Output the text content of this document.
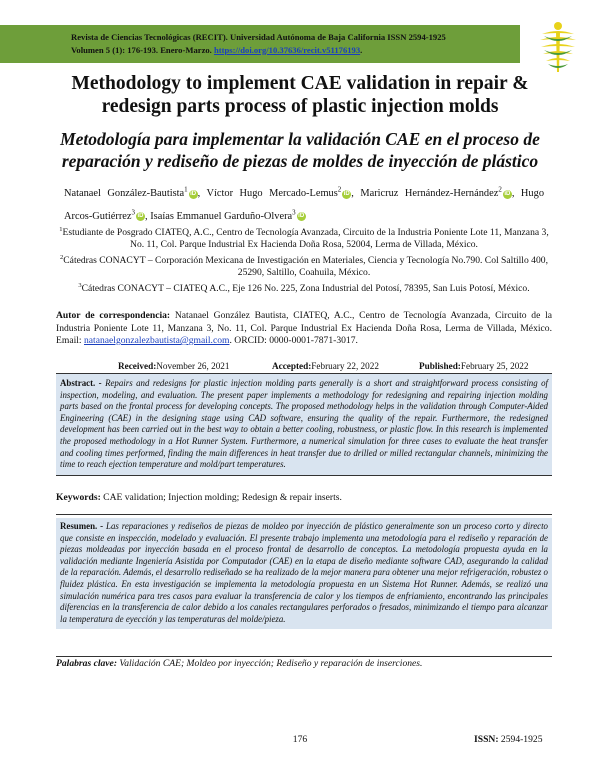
Revista de Ciencias Tecnológicas (RECIT). Universidad Autónoma de Baja California ISSN 2594-1925
Volumen 5 (1): 176-193. Enero-Marzo. https://doi.org/10.37636/recit.v51176193.
Methodology to implement CAE validation in repair & redesign parts process of plastic injection molds
Metodología para implementar la validación CAE en el proceso de reparación y rediseño de piezas de moldes de inyección de plástico
Natanael González-Bautista$^1$ iD , Víctor Hugo Mercado-Lemus$^2$ iD , Maricruz Hernández-Hernández$^2$ iD , Hugo Arcos-Gutiérrez$^3$ iD , Isaías Emmanuel Garduño-Olvera$^3$ iD

$^1$Estudiante de Posgrado CIATEQ, A.C., Centro de Tecnología Avanzada, Circuito de la Industria Poniente Lote 11, Manzana 3, No. 11, Col. Parque Industrial Ex Hacienda Doña Rosa, 52004, Lerma de Villada, México.

$^2$Cátedras CONACYT – Corporación Mexicana de Investigación en Materiales, Ciencia y Tecnología No.790. Col Saltillo 400, 25290, Saltillo, Coahuila, México.

$^3$Cátedras CONACYT – CIATEQ A.C., Eje 126 No. 225, Zona Industrial del Potosí, 78395, San Luis Potosí, México.

Autor de correspondencia: Natanael González Bautista, CIATEQ, A.C., Centro de Tecnología Avanzada, Circuito de la Industria Poniente Lote 11, Manzana 3, No. 11, Col. Parque Industrial Ex Hacienda Doña Rosa, Lerma de Villada, México. Email: natanaelgonzalezbautista@gmail.com. ORCID: 0000-0001-7871-3017.
Received: November 26, 2021	Accepted: February 22, 2022	Published: February 25, 2022
Abstract. - Repairs and redesigns for plastic injection molding parts generally is a short and straightforward process consisting of inspection, modeling, and evaluation. The present paper implements a methodology for redesigning and repairing injection molding parts based on the frontal process for developing concepts. The proposed methodology helps in the validation through Computer-Aided Engineering (CAE) in the designing stage using CAD software, ensuring the quality of the repair. Furthermore, the redesigned development has been carried out in the best way to obtain a better cooling, robustness, or plastic flow. In this research is implemented the proposed methodology in a Hot Runner System. Furthermore, a numerical simulation for three cases to evaluate the heat transfer and cooling times performed, finding the main differences in heat transfer due to drilled or milled rectangular channels, minimizing the time to reach ejection temperature and mold/part temperatures.
Keywords: CAE validation; Injection molding; Redesign & repair inserts.
Resumen. - Las reparaciones y rediseños de piezas de moldeo por inyección de plástico generalmente son un proceso corto y directo que consiste en inspección, modelado y evaluación. El presente trabajo implementa una metodología para el rediseño y reparación de piezas moldeadas por inyección basada en el proceso frontal de desarrollo de conceptos. La metodología propuesta ayuda en la validación mediante Ingeniería Asistida por Computador (CAE) en la etapa de diseño mediante software CAD, asegurando la calidad de la reparación. Además, el desarrollo rediseñado se ha realizado de la mejor manera para obtener una mejor refrigeración, robustez o fluidez plástica. En esta investigación se implementa la metodología propuesta en un Sistema Hot Runner. Además, se realizó una simulación numérica para tres casos para evaluar la transferencia de calor y los tiempos de enfriamiento, encontrando las principales diferencias en la transferencia de calor debido a los canales rectangulares perforados o fresados, minimizando el tiempo para alcanzar la temperatura de eyección y las temperaturas del molde/pieza.
Palabras clave: Validación CAE; Moldeo por inyección; Rediseño y reparación de inserciones.
176	ISSN: 2594-1925
